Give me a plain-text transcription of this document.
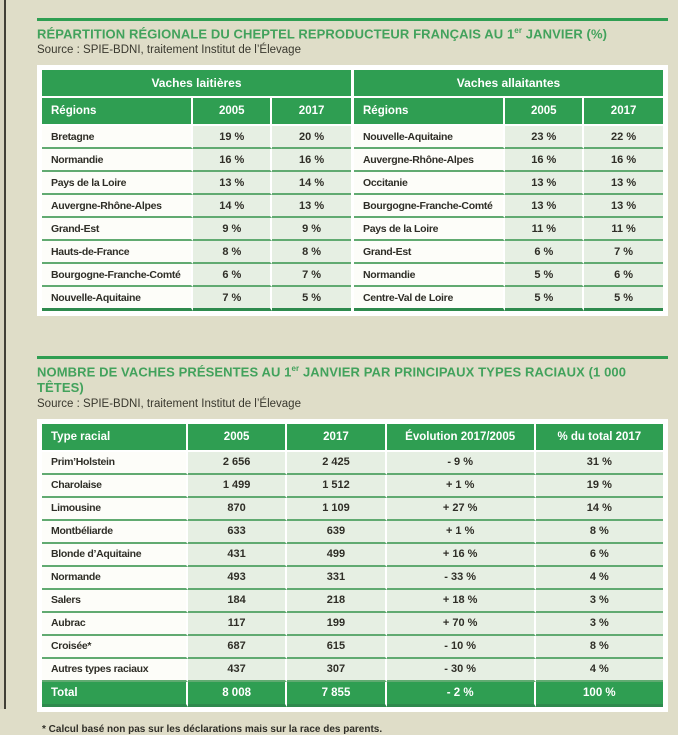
RÉPARTITION RÉGIONALE DU CHEPTEL REPRODUCTEUR FRANÇAIS AU 1er JANVIER (%)
Source : SPIE-BDNI, traitement Institut de l’Élevage
Vaches laitières		
Régions	2005	2017
Bretagne	19 %	20 %
Normandie	16 %	16 %
Pays de la Loire	13 %	14 %
Auvergne-Rhône-Alpes	14 %	13 %
Grand-Est	9 %	9 %
Hauts-de-France	8 %	8 %
Bourgogne-Franche-Comté	6 %	7 %
Nouvelle-Aquitaine	7 %	5 %
Vaches allaitantes		
Régions	2005	2017
Nouvelle-Aquitaine	23 %	22 %
Auvergne-Rhône-Alpes	16 %	16 %
Occitanie	13 %	13 %
Bourgogne-Franche-Comté	13 %	13 %
Pays de la Loire	11 %	11 %
Grand-Est	6 %	7 %
Normandie	5 %	6 %
Centre-Val de Loire	5 %	5 %
NOMBRE DE VACHES PRÉSENTES AU 1er JANVIER PAR PRINCIPAUX TYPES RACIAUX (1 000 TÊTES)
Source : SPIE-BDNI, traitement Institut de l’Élevage
Type racial	2005	2017	Évolution 2017/2005	% du total 2017
Prim’Holstein	2 656	2 425	- 9 %	31 %
Charolaise	1 499	1 512	+ 1 %	19 %
Limousine	870	1 109	+ 27 %	14 %
Montbéliarde	633	639	+ 1 %	8 %
Blonde d’Aquitaine	431	499	+ 16 %	6 %
Normande	493	331	- 33 %	4 %
Salers	184	218	+ 18 %	3 %
Aubrac	117	199	+ 70 %	3 %
Croisée*	687	615	- 10 %	8 %
Autres types raciaux	437	307	- 30 %	4 %
Total	8 008	7 855	- 2 %	100 %
* Calcul basé non pas sur les déclarations mais sur la race des parents.
